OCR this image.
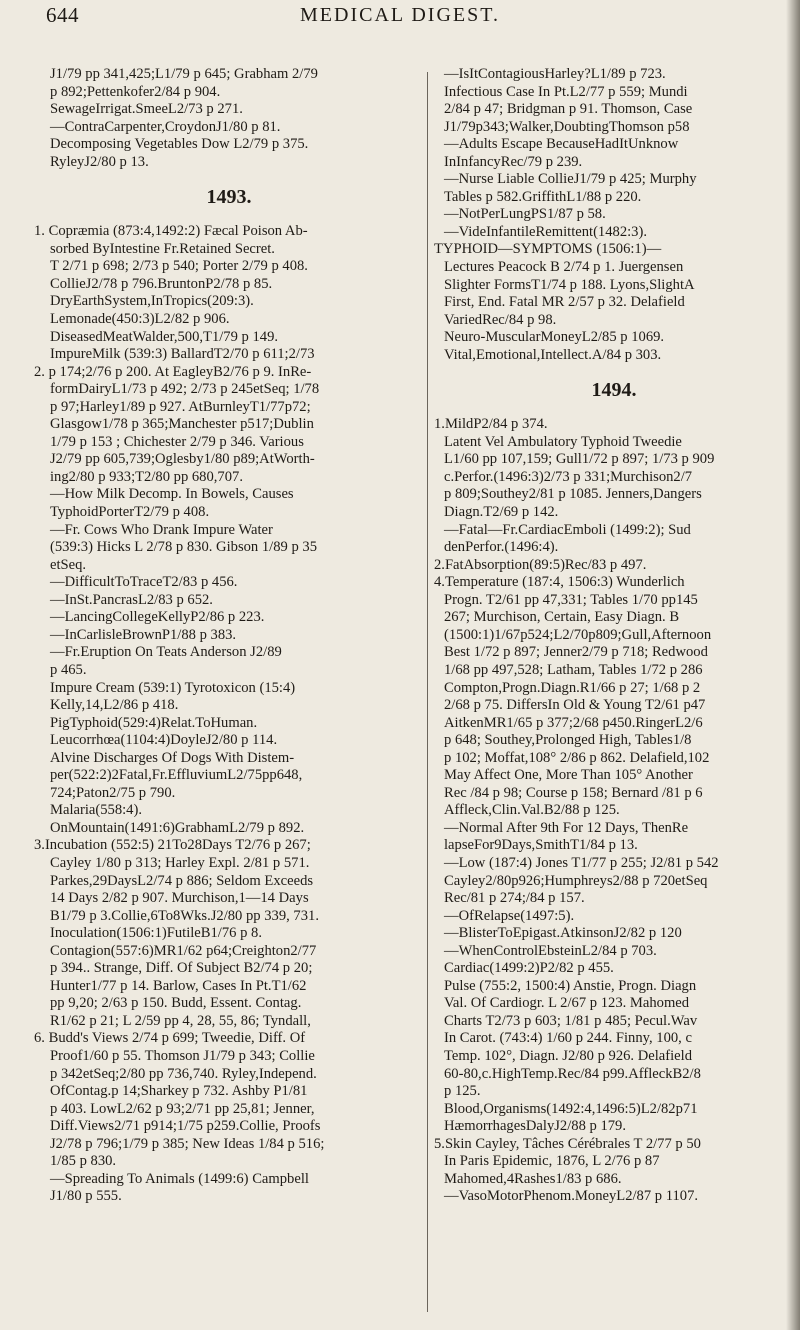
644	MEDICAL DIGEST.
J1/79 pp 341,425;L1/79 p 645; Grabham 2/79
p 892;Pettenkofer2/84 p 904.
SewageIrrigat.SmeeL2/73 p 271.
—ContraCarpenter,CroydonJ1/80 p 81.
Decomposing Vegetables Dow L2/79 p 375.
RyleyJ2/80 p 13.
1493.
1. Copræmia (873:4,1492:2) Fæcal Poison Ab-
sorbed ByIntestine Fr.Retained Secret.
T 2/71 p 698; 2/73 p 540; Porter 2/79 p 408.
CollieJ2/78 p 796.BruntonP2/78 p 85.
DryEarthSystem,InTropics(209:3).
Lemonade(450:3)L2/82 p 906.
DiseasedMeatWalder,500,T1/79 p 149.
ImpureMilk (539:3) BallardT2/70 p 611;2/73
2. p 174;2/76 p 200. At EagleyB2/76 p 9. InRe-
formDairyL1/73 p 492; 2/73 p 245etSeq; 1/78
p 97;Harley1/89 p 927. AtBurnleyT1/77p72;
Glasgow1/78 p 365;Manchester p517;Dublin
1/79 p 153 ; Chichester 2/79 p 346. Various
J2/79 pp 605,739;Oglesby1/80 p89;AtWorth-
ing2/80 p 933;T2/80 pp 680,707.
—How Milk Decomp. In Bowels, Causes
TyphoidPorterT2/79 p 408.
—Fr. Cows Who Drank Impure Water
(539:3) Hicks L 2/78 p 830. Gibson 1/89 p 35
etSeq.
—DifficultToTraceT2/83 p 456.
—InSt.PancrasL2/83 p 652.
—LancingCollegeKellyP2/86 p 223.
—InCarlisleBrownP1/88 p 383.
—Fr.Eruption On Teats Anderson J2/89
p 465.
Impure Cream (539:1) Tyrotoxicon (15:4)
Kelly,14,L2/86 p 418.
PigTyphoid(529:4)Relat.ToHuman.
Leucorrhœa(1104:4)DoyleJ2/80 p 114.
Alvine Discharges Of Dogs With Distem-
per(522:2)2Fatal,Fr.EffluviumL2/75pp648,
724;Paton2/75 p 790.
Malaria(558:4).
OnMountain(1491:6)GrabhamL2/79 p 892.
3.Incubation (552:5) 21To28Days T2/76 p 267;
Cayley 1/80 p 313; Harley Expl. 2/81 p 571.
Parkes,29DaysL2/74 p 886; Seldom Exceeds
14 Days 2/82 p 907. Murchison,1—14 Days
B1/79 p 3.Collie,6To8Wks.J2/80 pp 339, 731.
Inoculation(1506:1)FutileB1/76 p 8.
Contagion(557:6)MR1/62 p64;Creighton2/77
p 394.. Strange, Diff. Of Subject B2/74 p 20;
Hunter1/77 p 14. Barlow, Cases In Pt.T1/62
pp 9,20; 2/63 p 150. Budd, Essent. Contag.
R1/62 p 21; L 2/59 pp 4, 28, 55, 86; Tyndall,
6. Budd's Views 2/74 p 699; Tweedie, Diff. Of
Proof1/60 p 55. Thomson J1/79 p 343; Collie
p 342etSeq;2/80 pp 736,740. Ryley,Independ.
OfContag.p 14;Sharkey p 732. Ashby P1/81
p 403. LowL2/62 p 93;2/71 pp 25,81; Jenner,
Diff.Views2/71 p914;1/75 p259.Collie, Proofs
J2/78 p 796;1/79 p 385; New Ideas 1/84 p 516;
1/85 p 830.
—Spreading To Animals (1499:6) Campbell
J1/80 p 555.
—IsItContagiousHarley?L1/89 p 723.
Infectious Case In Pt.L2/77 p 559; Mundi
2/84 p 47; Bridgman p 91. Thomson, Case
J1/79p343;Walker,DoubtingThomson p58
—Adults Escape BecauseHadItUnknow
InInfancyRec/79 p 239.
—Nurse Liable CollieJ1/79 p 425; Murphy
Tables p 582.GriffithL1/88 p 220.
—NotPerLungPS1/87 p 58.
—VideInfantileRemittent(1482:3).
TYPHOID—SYMPTOMS (1506:1)—
Lectures Peacock B 2/74 p 1. Juergensen
Slighter FormsT1/74 p 188. Lyons,SlightA
First, End. Fatal MR 2/57 p 32. Delafield
VariedRec/84 p 98.
Neuro-MuscularMoneyL2/85 p 1069.
Vital,Emotional,Intellect.A/84 p 303.
1494.
1.MildP2/84 p 374.
Latent Vel Ambulatory Typhoid Tweedie
L1/60 pp 107,159; Gull1/72 p 897; 1/73 p 909
c.Perfor.(1496:3)2/73 p 331;Murchison2/7
p 809;Southey2/81 p 1085. Jenners,Dangers
Diagn.T2/69 p 142.
—Fatal—Fr.CardiacEmboli (1499:2); Sud
denPerfor.(1496:4).
2.FatAbsorption(89:5)Rec/83 p 497.
4.Temperature (187:4, 1506:3) Wunderlich
Progn. T2/61 pp 47,331; Tables 1/70 pp145
267; Murchison, Certain, Easy Diagn. B
(1500:1)1/67p524;L2/70p809;Gull,Afternoon
Best 1/72 p 897; Jenner2/79 p 718; Redwood
1/68 pp 497,528; Latham, Tables 1/72 p 286
Compton,Progn.Diagn.R1/66 p 27; 1/68 p 2
2/68 p 75. DiffersIn Old & Young T2/61 p47
AitkenMR1/65 p 377;2/68 p450.RingerL2/6
p 648; Southey,Prolonged High, Tables1/8
p 102; Moffat,108° 2/86 p 862. Delafield,102
May Affect One, More Than 105° Another
Rec /84 p 98; Course p 158; Bernard /81 p 6
Affleck,Clin.Val.B2/88 p 125.
—Normal After 9th For 12 Days, ThenRe
lapseFor9Days,SmithT1/84 p 13.
—Low (187:4) Jones T1/77 p 255; J2/81 p 542
Cayley2/80p926;Humphreys2/88 p 720etSeq
Rec/81 p 274;/84 p 157.
—OfRelapse(1497:5).
—BlisterToEpigast.AtkinsonJ2/82 p 120
—WhenControlEbsteinL2/84 p 703.
Cardiac(1499:2)P2/82 p 455.
Pulse (755:2, 1500:4) Anstie, Progn. Diagn
Val. Of Cardiogr. L 2/67 p 123. Mahomed
Charts T2/73 p 603; 1/81 p 485; Pecul.Wav
In Carot. (743:4) 1/60 p 244. Finny, 100, c
Temp. 102°, Diagn. J2/80 p 926. Delafield
60-80,c.HighTemp.Rec/84 p99.AffleckB2/8
p 125.
Blood,Organisms(1492:4,1496:5)L2/82p71
HæmorrhagesDalyJ2/88 p 179.
5.Skin Cayley, Tâches Cérébrales T 2/77 p 50
In Paris Epidemic, 1876, L 2/76 p 87
Mahomed,4Rashes1/83 p 686.
—VasoMotorPhenom.MoneyL2/87 p 1107.
